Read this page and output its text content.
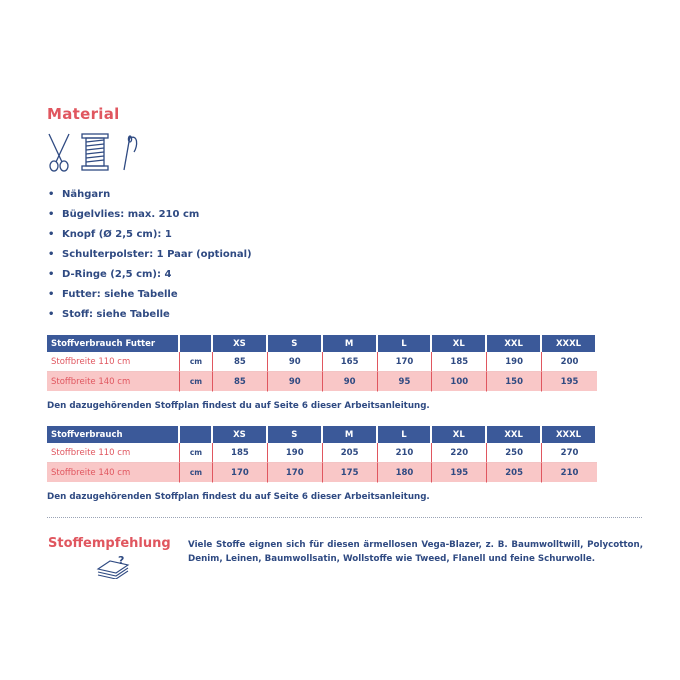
Material
• Nähgarn
• Bügelvlies: max. 210 cm
• Knopf (Ø 2,5 cm): 1
• Schulterpolster: 1 Paar (optional)
• D-Ringe (2,5 cm): 4
• Futter: siehe Tabelle
• Stoff: siehe Tabelle
Stoffverbrauch Futter		XS	S	M	L	XL	XXL	XXXL
Stoffbreite 110 cm	cm	85	90	165	170	185	190	200
Stoffbreite 140 cm	cm	85	90	90	95	100	150	195
Den dazugehörenden Stoffplan findest du auf Seite 6 dieser Arbeitsanleitung.
Stoffverbrauch		XS	S	M	L	XL	XXL	XXXL
Stoffbreite 110 cm	cm	185	190	205	210	220	250	270
Stoffbreite 140 cm	cm	170	170	175	180	195	205	210
Den dazugehörenden Stoffplan findest du auf Seite 6 dieser Arbeitsanleitung.
Stoffempfehlung
?
Viele Stoffe eignen sich für diesen ärmellosen Vega-Blazer, z. B. Baumwolltwill, Polycotton, Denim, Leinen, Baumwollsatin, Wollstoffe wie Tweed, Flanell und feine Schurwolle.
